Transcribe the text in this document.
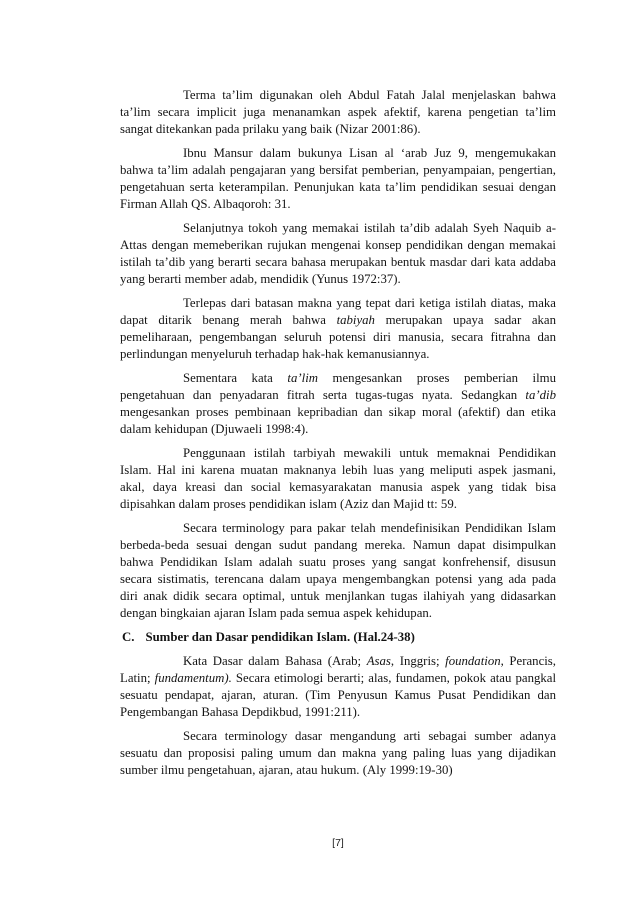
Terma ta’lim digunakan oleh Abdul Fatah Jalal menjelaskan bahwa
ta’lim secara implicit juga menanamkan aspek afektif, karena pengetian ta’lim
sangat ditekankan pada prilaku yang baik (Nizar 2001:86).
Ibnu Mansur dalam bukunya Lisan al ‘arab Juz 9, mengemukakan
bahwa ta’lim adalah pengajaran yang bersifat pemberian, penyampaian, pengertian,
pengetahuan serta keterampilan. Penunjukan kata ta’lim pendidikan sesuai dengan
Firman Allah QS. Albaqoroh: 31.
Selanjutnya tokoh yang memakai istilah ta’dib adalah Syeh Naquib a-
Attas dengan memeberikan rujukan mengenai konsep pendidikan dengan memakai
istilah ta’dib yang berarti secara bahasa merupakan bentuk masdar dari kata addaba
yang berarti member adab, mendidik (Yunus 1972:37).
Terlepas dari batasan makna yang tepat dari ketiga istilah diatas, maka
dapat ditarik benang merah bahwa tabiyah merupakan upaya sadar akan
pemeliharaan, pengembangan seluruh potensi diri manusia, secara fitrahna dan
perlindungan menyeluruh terhadap hak-hak kemanusiannya.
Sementara kata ta’lim mengesankan proses pemberian ilmu
pengetahuan dan penyadaran fitrah serta tugas-tugas nyata. Sedangkan ta’dib
mengesankan proses pembinaan kepribadian dan sikap moral (afektif) dan etika
dalam kehidupan (Djuwaeli 1998:4).
Penggunaan istilah tarbiyah mewakili untuk memaknai Pendidikan
Islam. Hal ini karena muatan maknanya lebih luas yang meliputi aspek jasmani,
akal, daya kreasi dan social kemasyarakatan manusia aspek yang tidak bisa
dipisahkan dalam proses pendidikan islam (Aziz dan Majid tt: 59.
Secara terminology para pakar telah mendefinisikan Pendidikan Islam
berbeda-beda sesuai dengan sudut pandang mereka. Namun dapat disimpulkan
bahwa Pendidikan Islam adalah suatu proses yang sangat konfrehensif, disusun
secara sistimatis, terencana dalam upaya mengembangkan potensi yang ada pada
diri anak didik secara optimal, untuk menjlankan tugas ilahiyah yang didasarkan
dengan bingkaian ajaran Islam pada semua aspek kehidupan.
C. Sumber dan Dasar pendidikan Islam. (Hal.24-38)
Kata Dasar dalam Bahasa (Arab; Asas, Inggris; foundation, Perancis,
Latin; fundamentum). Secara etimologi berarti; alas, fundamen, pokok atau pangkal
sesuatu pendapat, ajaran, aturan. (Tim Penyusun Kamus Pusat Pendidikan dan
Pengembangan Bahasa Depdikbud, 1991:211).
Secara terminology dasar mengandung arti sebagai sumber adanya
sesuatu dan proposisi paling umum dan makna yang paling luas yang dijadikan
sumber ilmu pengetahuan, ajaran, atau hukum. (Aly 1999:19-30)
[7]
